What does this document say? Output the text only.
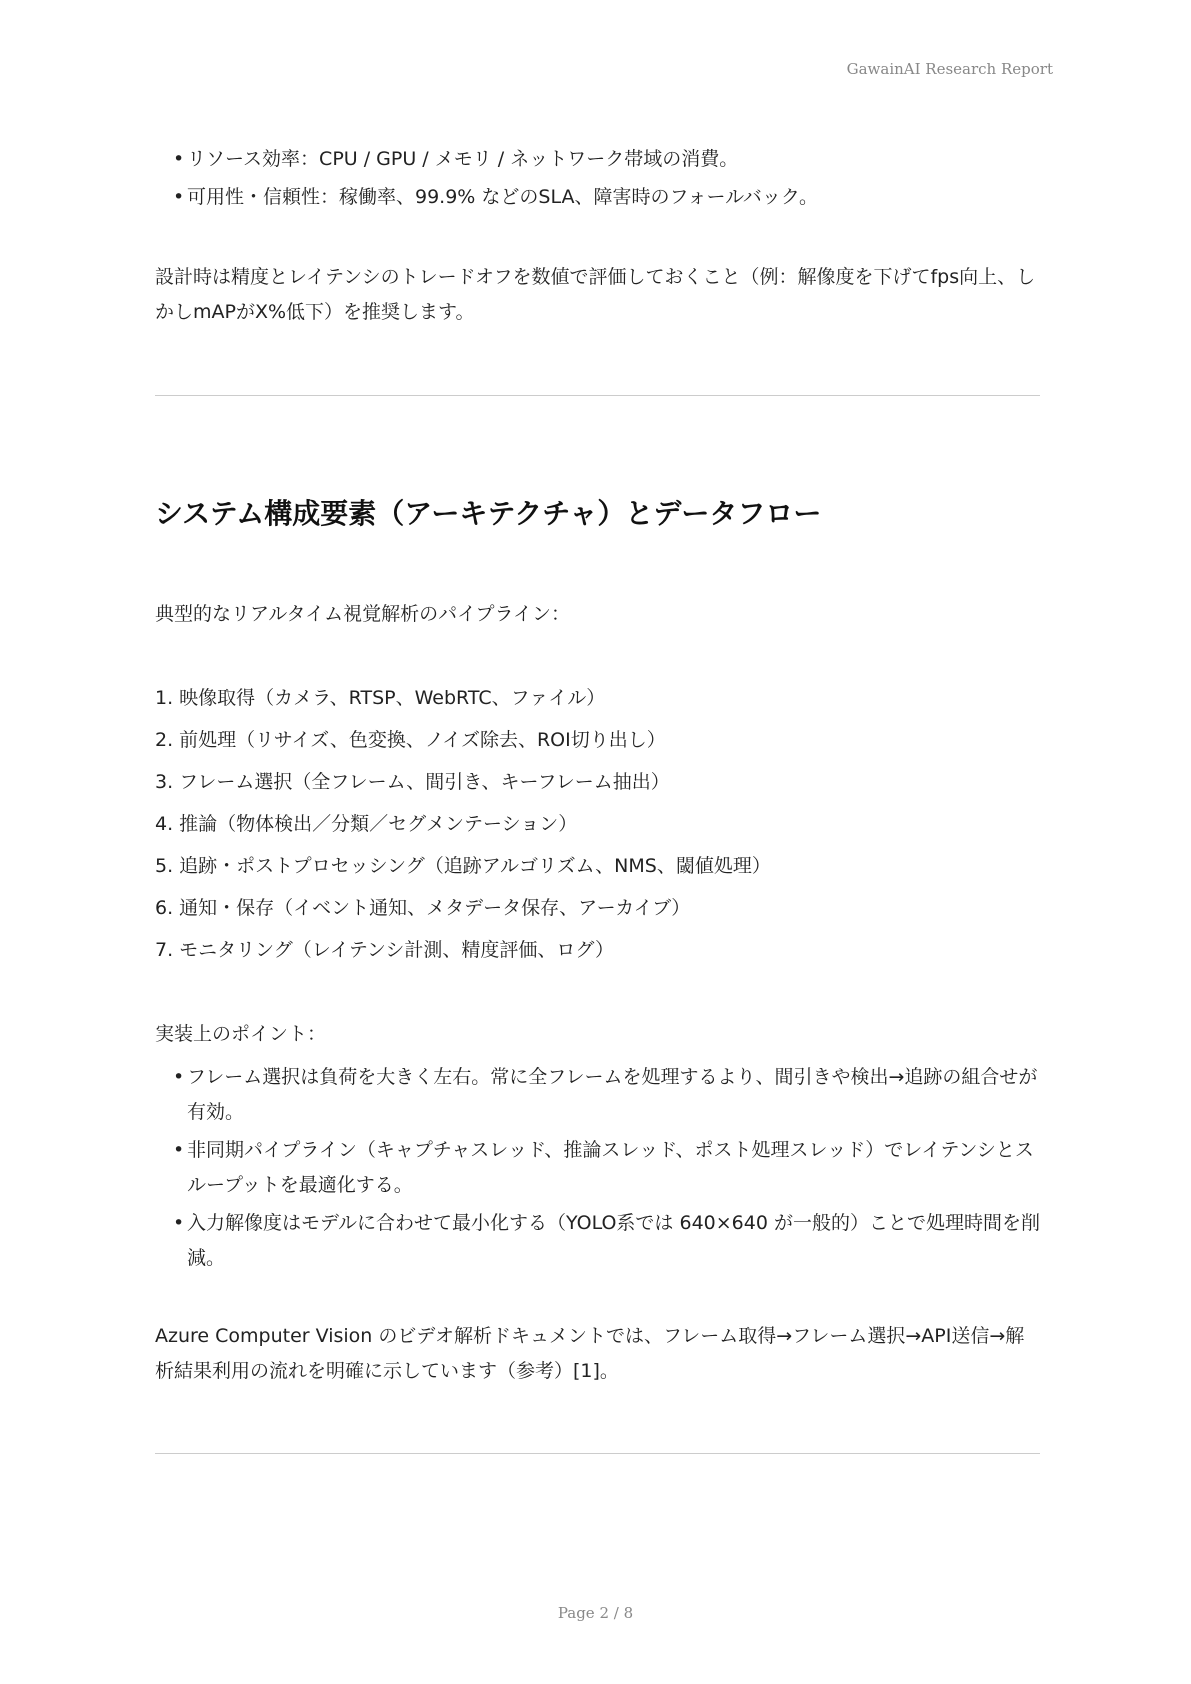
GawainAI Research Report
• リソース効率：CPU / GPU / メモリ / ネットワーク帯域の消費。
• 可用性・信頼性：稼働率、99.9% などのSLA、障害時のフォールバック。

設計時は精度とレイテンシのトレードオフを数値で評価しておくこと（例：解像度を下げてfps向上、しかしmAPがX%低下）を推奨します。

システム構成要素（アーキテクチャ）とデータフロー

典型的なリアルタイム視覚解析のパイプライン：

1. 映像取得（カメラ、RTSP、WebRTC、ファイル）
2. 前処理（リサイズ、色変換、ノイズ除去、ROI切り出し）
3. フレーム選択（全フレーム、間引き、キーフレーム抽出）
4. 推論（物体検出／分類／セグメンテーション）
5. 追跡・ポストプロセッシング（追跡アルゴリズム、NMS、閾値処理）
6. 通知・保存（イベント通知、メタデータ保存、アーカイブ）
7. モニタリング（レイテンシ計測、精度評価、ログ）

実装上のポイント：

• フレーム選択は負荷を大きく左右。常に全フレームを処理するより、間引きや検出→追跡の組合せが有効。
• 非同期パイプライン（キャプチャスレッド、推論スレッド、ポスト処理スレッド）でレイテンシとスループットを最適化する。
• 入力解像度はモデルに合わせて最小化する（YOLO系では 640×640 が一般的）ことで処理時間を削減。

Azure Computer Vision のビデオ解析ドキュメントでは、フレーム取得→フレーム選択→API送信→解析結果利用の流れを明確に示しています（参考）[1]。

Page 2 / 8
